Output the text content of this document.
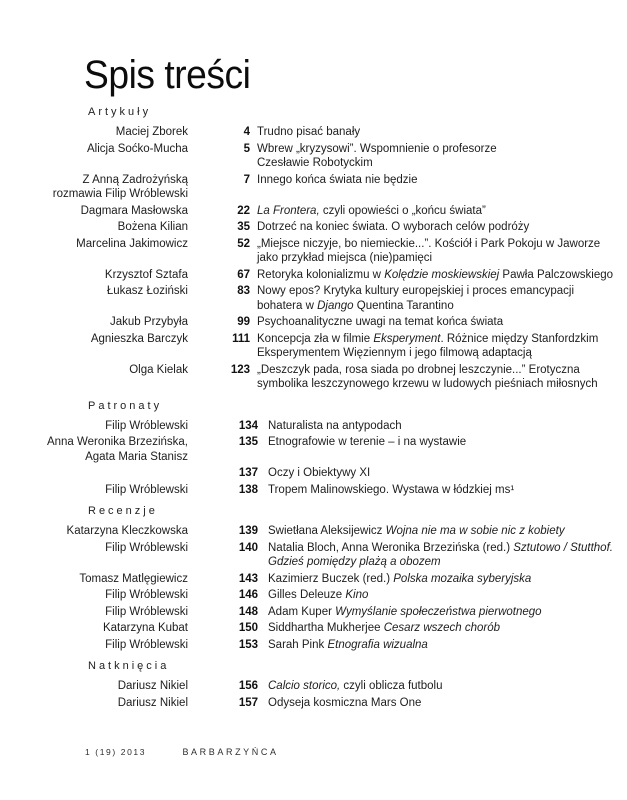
Spis treści
Artykuły
Maciej Zborek	4 Trudno pisać banały
Alicja Soćko-Mucha	5 Wbrew „kryzysowi”. Wspomnienie o profesorze
Czesławie Robotyckim
Z Anną Zadrożyńską
rozmawia Filip Wróblewski
7 Innego końca świata nie będzie
Dagmara Masłowska	22 La Frontera, czyli opowieści o „końcu świata”
Bożena Kilian	35 Dotrzeć na koniec świata. O wyborach celów podróży
Marcelina Jakimowicz	52 „Miejsce niczyje, bo niemieckie...”. Kościół i Park Pokoju w Jaworze
jako przykład miejsca (nie)pamięci
Krzysztof Sztafa	67 Retoryka kolonializmu w Kolędzie moskiewskiej Pawła Palczowskiego
Łukasz Łoziński	83 Nowy epos? Krytyka kultury europejskiej i proces emancypacji
bohatera w Django Quentina Tarantino
Jakub Przybyła	99 Psychoanalityczne uwagi na temat końca świata
Agnieszka Barczyk	111 Koncepcja zła w filmie Eksperyment. Różnice między Stanfordzkim
Eksperymentem Więziennym i jego filmową adaptacją
Olga Kielak	123 „Deszczyk pada, rosa siada po drobnej leszczynie...” Erotyczna
symbolika leszczynowego krzewu w ludowych pieśniach miłosnych
Patronaty
Filip Wróblewski	134 Naturalista na antypodach
Anna Weronika Brzezińska,
Agata Maria Stanisz
135 Etnografowie w terenie – i na wystawie
137 Oczy i Obiektywy XI
Filip Wróblewski	138 Tropem Malinowskiego. Wystawa w łódzkiej ms¹
Recenzje
Katarzyna Kleczkowska	139 Swietłana Aleksijewicz Wojna nie ma w sobie nic z kobiety
Filip Wróblewski	140 Natalia Bloch, Anna Weronika Brzezińska (red.) Sztutowo / Stutthof.
Gdzieś pomiędzy plażą a obozem
Tomasz Matlęgiewicz	143 Kazimierz Buczek (red.) Polska mozaika syberyjska
Filip Wróblewski	146 Gilles Deleuze Kino
Filip Wróblewski	148 Adam Kuper Wymyślanie społeczeństwa pierwotnego
Katarzyna Kubat	150 Siddhartha Mukherjee Cesarz wszech chorób
Filip Wróblewski	153 Sarah Pink Etnografia wizualna
Natknięcia
Dariusz Nikiel	156 Calcio storico, czyli oblicza futbolu
Dariusz Nikiel	157 Odyseja kosmiczna Mars One
1 (19) 2013	BARBARZYŃCA
